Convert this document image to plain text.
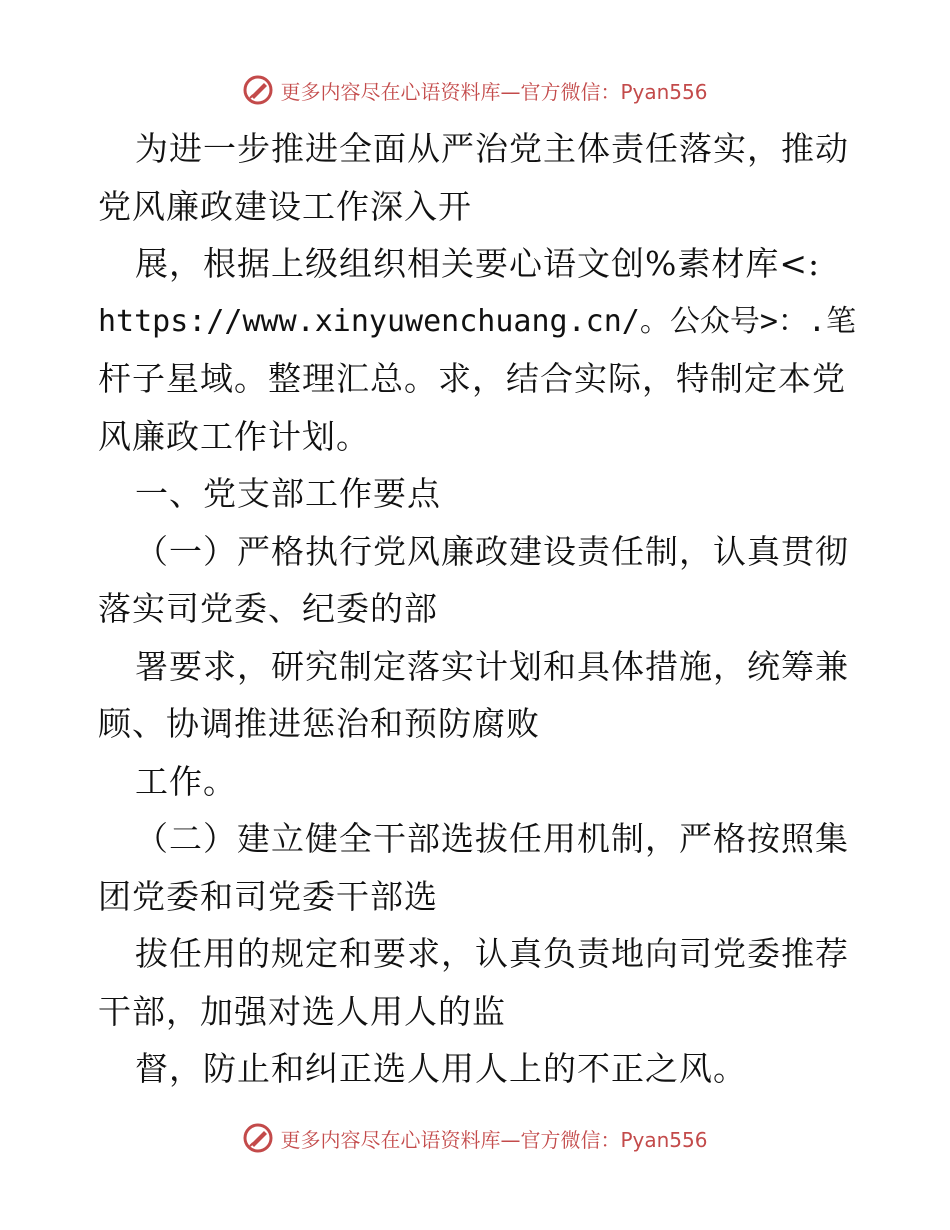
更多内容尽在心语资料库—官方微信：Pyan556
为进一步推进全面从严治党主体责任落实，推动
党风廉政建设工作深入开
展，根据上级组织相关要心语文创%素材库<:
https://www.xinyuwenchuang.cn/。公众号>：.笔
杆子星域。整理汇总。求，结合实际，特制定本党
风廉政工作计划。
一、党支部工作要点
（一）严格执行党风廉政建设责任制，认真贯彻
落实司党委、纪委的部
署要求，研究制定落实计划和具体措施，统筹兼
顾、协调推进惩治和预防腐败
工作。
（二）建立健全干部选拔任用机制，严格按照集
团党委和司党委干部选
拔任用的规定和要求，认真负责地向司党委推荐
干部，加强对选人用人的监
督，防止和纠正选人用人上的不正之风。
更多内容尽在心语资料库—官方微信：Pyan556
